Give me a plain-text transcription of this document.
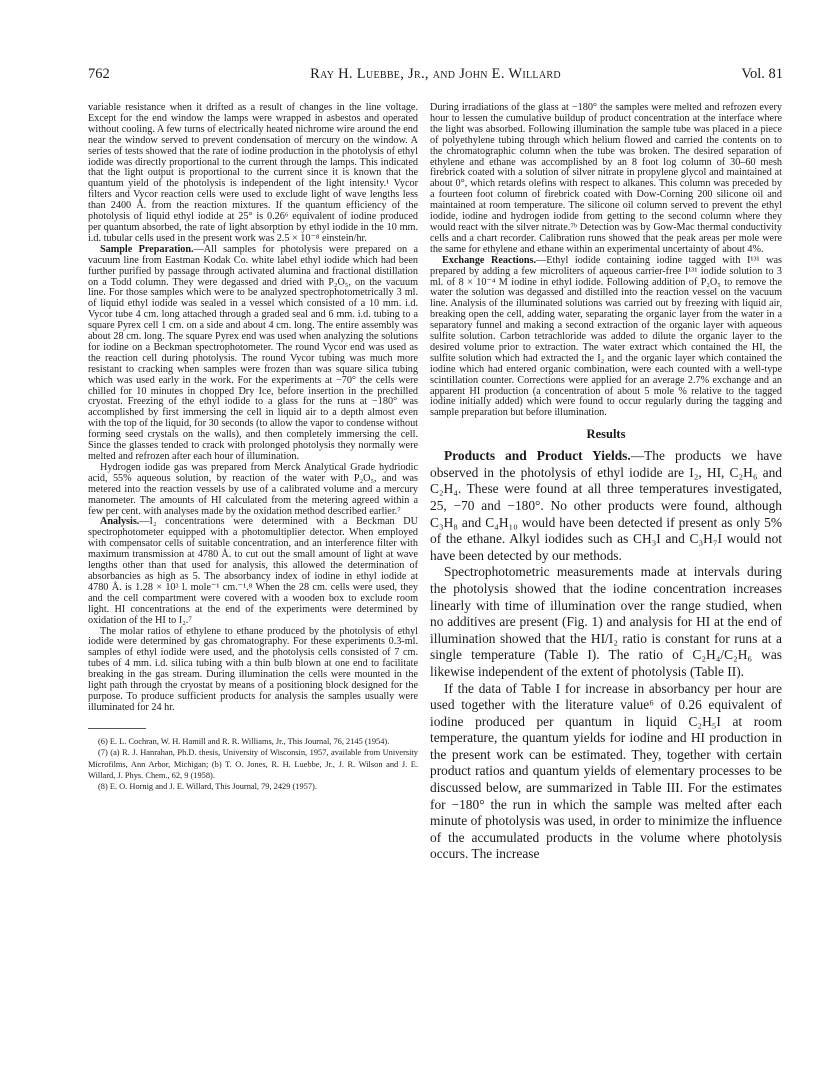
762	Ray H. Luebbe, Jr., and John E. Willard	Vol. 81

variable resistance when it drifted as a result of changes in the line voltage. Except for the end window the lamps were wrapped in asbestos and operated without cooling. A few turns of electrically heated nichrome wire around the end near the window served to prevent condensation of mercury on the window. A series of tests showed that the rate of iodine production in the photolysis of ethyl iodide was directly proportional to the current through the lamps. This indicated that the light output is proportional to the current since it is known that the quantum yield of the photolysis is independent of the light intensity.¹ Vycor filters and Vycor reaction cells were used to exclude light of wave lengths less than 2400 Å. from the reaction mixtures. If the quantum efficiency of the photolysis of liquid ethyl iodide at 25° is 0.26⁶ equivalent of iodine produced per quantum absorbed, the rate of light absorption by ethyl iodide in the 10 mm. i.d. tubular cells used in the present work was 2.5 × 10⁻⁸ einstein/hr.

Sample Preparation.—All samples for photolysis were prepared on a vacuum line from Eastman Kodak Co. white label ethyl iodide which had been further purified by passage through activated alumina and fractional distillation on a Todd column. They were degassed and dried with P₂O₅, on the vacuum line. For those samples which were to be analyzed spectrophotometrically 3 ml. of liquid ethyl iodide was sealed in a vessel which consisted of a 10 mm. i.d. Vycor tube 4 cm. long attached through a graded seal and 6 mm. i.d. tubing to a square Pyrex cell 1 cm. on a side and about 4 cm. long. The entire assembly was about 28 cm. long. The square Pyrex end was used when analyzing the solutions for iodine on a Beckman spectrophotometer. The round Vycor end was used as the reaction cell during photolysis. The round Vycor tubing was much more resistant to cracking when samples were frozen than was square silica tubing which was used early in the work. For the experiments at −70° the cells were chilled for 10 minutes in chopped Dry Ice, before insertion in the prechilled cryostat. Freezing of the ethyl iodide to a glass for the runs at −180° was accomplished by first immersing the cell in liquid air to a depth almost even with the top of the liquid, for 30 seconds (to allow the vapor to condense without forming seed crystals on the walls), and then completely immersing the cell. Since the glasses tended to crack with prolonged photolysis they normally were melted and refrozen after each hour of illumination.

Hydrogen iodide gas was prepared from Merck Analytical Grade hydriodic acid, 55% aqueous solution, by reaction of the water with P₂O₅, and was metered into the reaction vessels by use of a calibrated volume and a mercury manometer. The amounts of HI calculated from the metering agreed within a few per cent. with analyses made by the oxidation method described earlier.⁷

Analysis.—I₂ concentrations were determined with a Beckman DU spectrophotometer equipped with a photomultiplier detector. When employed with compensator cells of suitable concentration, and an interference filter with maximum transmission at 4780 Å. to cut out the small amount of light at wave lengths other than that used for analysis, this allowed the determination of absorbancies as high as 5. The absorbancy index of iodine in ethyl iodide at 4780 Å. is 1.28 × 10³ l. mole⁻¹ cm.⁻¹.⁸ When the 28 cm. cells were used, they and the cell compartment were covered with a wooden box to exclude room light. HI concentrations at the end of the experiments were determined by oxidation of the HI to I₂.⁷

The molar ratios of ethylene to ethane produced by the photolysis of ethyl iodide were determined by gas chromatography. For these experiments 0.3-ml. samples of ethyl iodide were used, and the photolysis cells consisted of 7 cm. tubes of 4 mm. i.d. silica tubing with a thin bulb blown at one end to facilitate breaking in the gas stream. During illumination the cells were mounted in the light path through the cryostat by means of a positioning block designed for the purpose. To produce sufficient products for analysis the samples usually were illuminated for 24 hr.

(6) E. L. Cochran, W. H. Hamill and R. R. Williams, Jr., This Journal, 76, 2145 (1954).

(7) (a) R. J. Hanrahan, Ph.D. thesis, University of Wisconsin, 1957, available from University Microfilms, Ann Arbor, Michigan; (b) T. O. Jones, R. H. Luebbe, Jr., J. R. Wilson and J. E. Willard, J. Phys. Chem., 62, 9 (1958).

(8) E. O. Hornig and J. E. Willard, This Journal, 79, 2429 (1957).

During irradiations of the glass at −180° the samples were melted and refrozen every hour to lessen the cumulative buildup of product concentration at the interface where the light was absorbed. Following illumination the sample tube was placed in a piece of polyethylene tubing through which helium flowed and carried the contents on to the chromatographic column when the tube was broken. The desired separation of ethylene and ethane was accomplished by an 8 foot log column of 30–60 mesh firebrick coated with a solution of silver nitrate in propylene glycol and maintained at about 0°, which retards olefins with respect to alkanes. This column was preceded by a fourteen foot column of firebrick coated with Dow-Corning 200 silicone oil and maintained at room temperature. The silicone oil column served to prevent the ethyl iodide, iodine and hydrogen iodide from getting to the second column where they would react with the silver nitrate.⁷ᵇ Detection was by Gow-Mac thermal conductivity cells and a chart recorder. Calibration runs showed that the peak areas per mole were the same for ethylene and ethane within an experimental uncertainty of about 4%.

Exchange Reactions.—Ethyl iodide containing iodine tagged with I¹³¹ was prepared by adding a few microliters of aqueous carrier-free I¹³¹ iodide solution to 3 ml. of 8 × 10⁻⁴ M iodine in ethyl iodide. Following addition of P₂O₅ to remove the water the solution was degassed and distilled into the reaction vessel on the vacuum line. Analysis of the illuminated solutions was carried out by freezing with liquid air, breaking open the cell, adding water, separating the organic layer from the water in a separatory funnel and making a second extraction of the organic layer with aqueous sulfite solution. Carbon tetrachloride was added to dilute the organic layer to the desired volume prior to extraction. The water extract which contained the HI, the sulfite solution which had extracted the I₂ and the organic layer which contained the iodine which had entered organic combination, were each counted with a well-type scintillation counter. Corrections were applied for an average 2.7% exchange and an apparent HI production (a concentration of about 5 mole % relative to the tagged iodine initially added) which were found to occur regularly during the tagging and sample preparation but before illumination.

Results

Products and Product Yields.—The products we have observed in the photolysis of ethyl iodide are I₂, HI, C₂H₆ and C₂H₄. These were found at all three temperatures investigated, 25, −70 and −180°. No other products were found, although C₃H₈ and C₄H₁₀ would have been detected if present as only 5% of the ethane. Alkyl iodides such as CH₃I and C₃H₇I would not have been detected by our methods.

Spectrophotometric measurements made at intervals during the photolysis showed that the iodine concentration increases linearly with time of illumination over the range studied, when no additives are present (Fig. 1) and analysis for HI at the end of illumination showed that the HI/I₂ ratio is constant for runs at a single temperature (Table I). The ratio of C₂H₄/C₂H₆ was likewise independent of the extent of photolysis (Table II).

If the data of Table I for increase in absorbancy per hour are used together with the literature value⁶ of 0.26 equivalent of iodine produced per quantum in liquid C₂H₅I at room temperature, the quantum yields for iodine and HI production in the present work can be estimated. They, together with certain product ratios and quantum yields of elementary processes to be discussed below, are summarized in Table III. For the estimates for −180° the run in which the sample was melted after each minute of photolysis was used, in order to minimize the influence of the accumulated products in the volume where photolysis occurs. The increase
